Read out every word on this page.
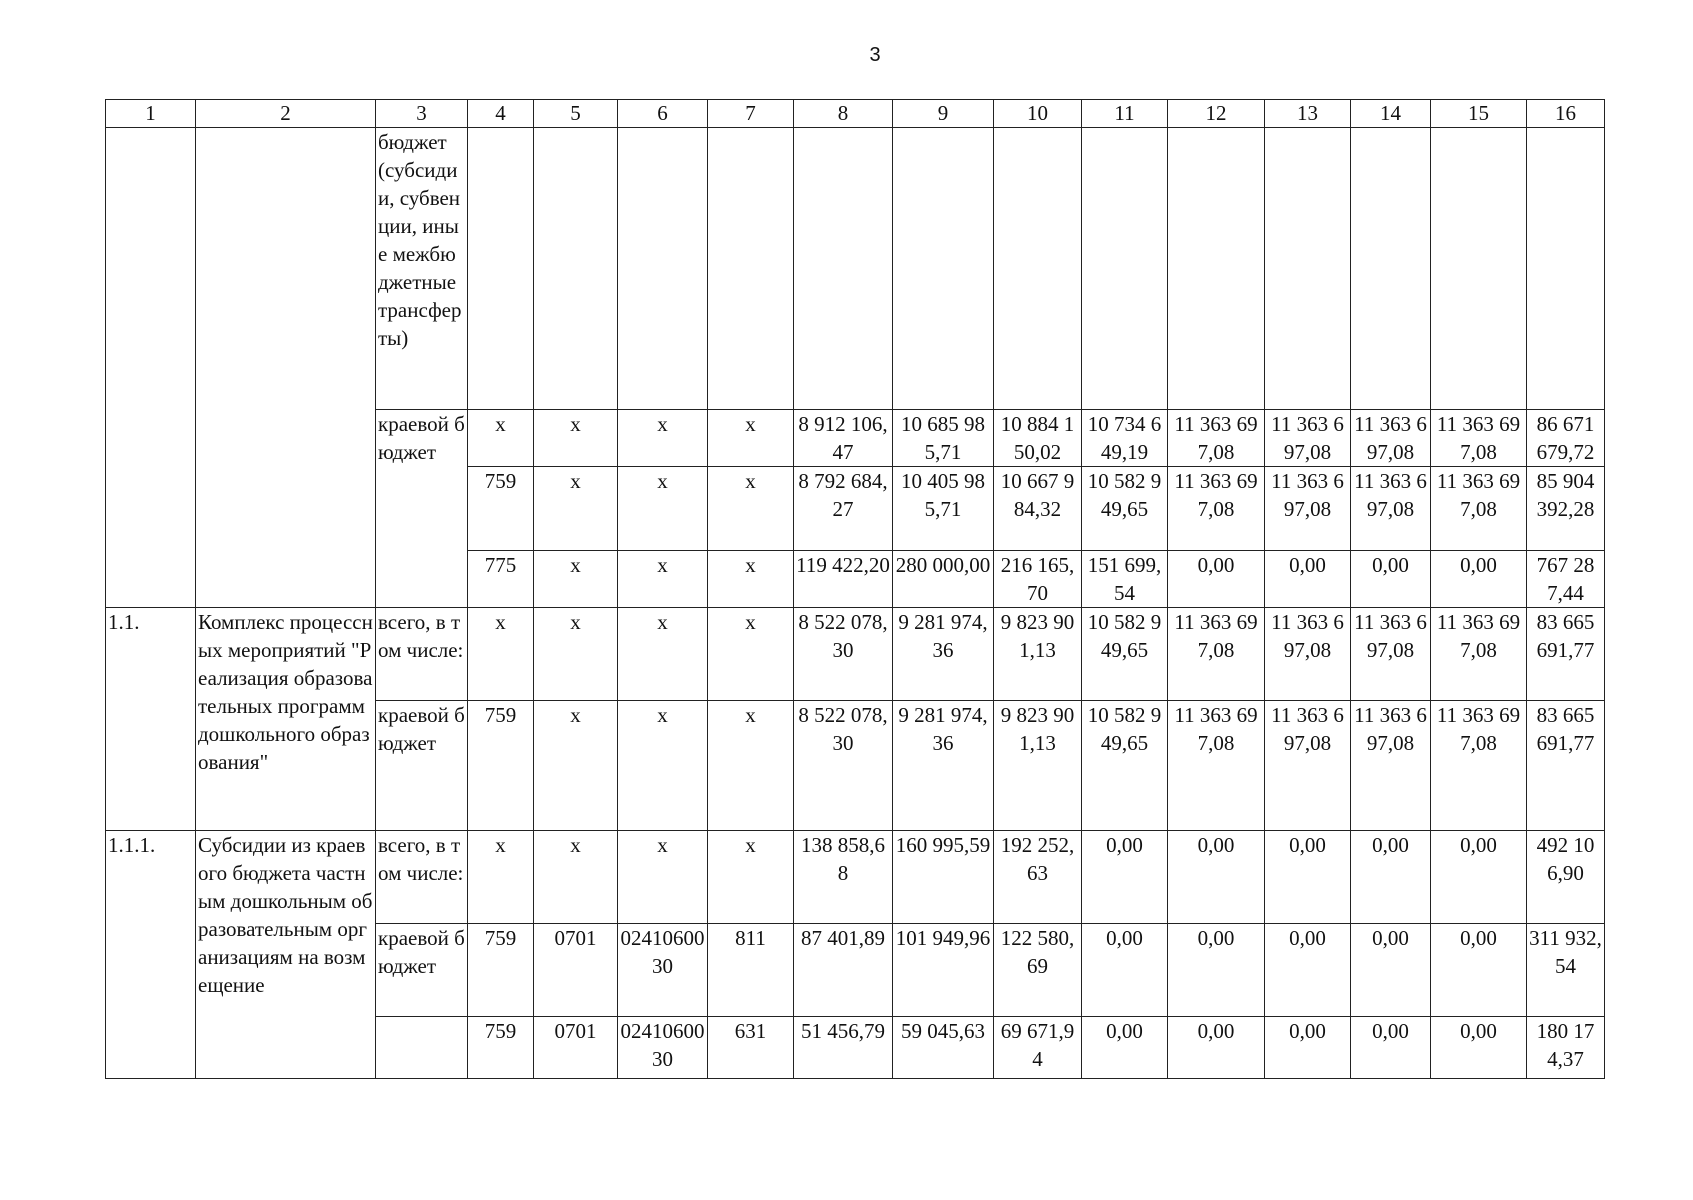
3
1	2	3	4	5	6	7	8	9	10	11	12	13	14	15	16
		бюджет (субсидии, субвенции, иные межбюджетные трансферты)													
		краевой бюджет	х	х	х	х	8 912 106,47	10 685 985,71	10 884 150,02	10 734 649,19	11 363 697,08	11 363 697,08	11 363 697,08	11 363 697,08	86 671 679,72
			759	х	х	х	8 792 684,27	10 405 985,71	10 667 984,32	10 582 949,65	11 363 697,08	11 363 697,08	11 363 697,08	11 363 697,08	85 904 392,28
			775	х	х	х	119 422,20	280 000,00	216 165,70	151 699,54	0,00	0,00	0,00	0,00	767 287,44
1.1.	Комплекс процессных мероприятий "Реализация образовательных программ дошкольного образования"	всего, в том числе:	х	х	х	х	8 522 078,30	9 281 974,36	9 823 901,13	10 582 949,65	11 363 697,08	11 363 697,08	11 363 697,08	11 363 697,08	83 665 691,77
		краевой бюджет	759	х	х	х	8 522 078,30	9 281 974,36	9 823 901,13	10 582 949,65	11 363 697,08	11 363 697,08	11 363 697,08	11 363 697,08	83 665 691,77
1.1.1.	Субсидии из краевого бюджета частным дошкольным образовательным организациям на возмещение	всего, в том числе:	х	х	х	х	138 858,68	160 995,59	192 252,63	0,00	0,00	0,00	0,00	0,00	492 106,90
		краевой бюджет	759	0701	0241060030	811	87 401,89	101 949,96	122 580,69	0,00	0,00	0,00	0,00	0,00	311 932,54
			759	0701	0241060030	631	51 456,79	59 045,63	69 671,94	0,00	0,00	0,00	0,00	0,00	180 174,37
